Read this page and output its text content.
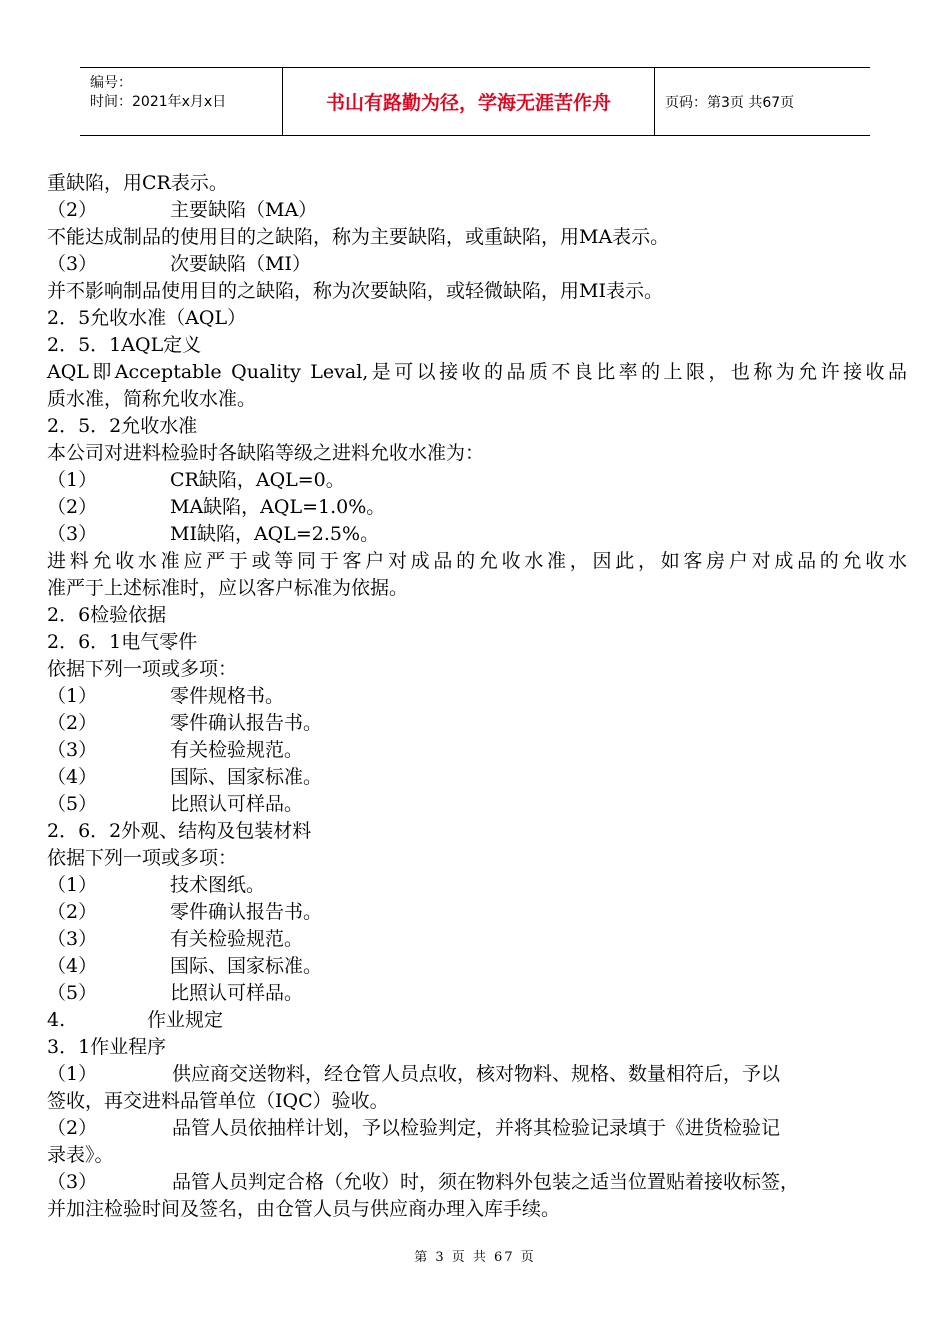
编号：
时间：2021年x月x日	书山有路勤为径，学海无涯苦作舟	页码：第3页 共67页
重缺陷，用CR表示。
（2）	主要缺陷（MA）
不能达成制品的使用目的之缺陷，称为主要缺陷，或重缺陷，用MA表示。
（3）	次要缺陷（MI）
并不影响制品使用目的之缺陷，称为次要缺陷，或轻微缺陷，用MI表示。
2．5允收水准（AQL）
2．5．1AQL定义
AQL即Acceptable Quality Leval,是可以接收的品质不良比率的上限，也称为允许接收品
质水准，简称允收水准。
2．5．2允收水准
本公司对进料检验时各缺陷等级之进料允收水准为：
（1）	CR缺陷，AQL=0。
（2）	MA缺陷，AQL=1.0%。
（3）	MI缺陷，AQL=2.5%。
进料允收水准应严于或等同于客户对成品的允收水准，因此，如客房户对成品的允收水
准严于上述标准时，应以客户标准为依据。
2．6检验依据
2．6．1电气零件
依据下列一项或多项：
（1）	零件规格书。
（2）	零件确认报告书。
（3）	有关检验规范。
（4）	国际、国家标准。
（5）	比照认可样品。
2．6．2外观、结构及包装材料
依据下列一项或多项：
（1）	技术图纸。
（2）	零件确认报告书。
（3）	有关检验规范。
（4）	国际、国家标准。
（5）	比照认可样品。
4.	作业规定
3．1作业程序
（1）	供应商交送物料，经仓管人员点收，核对物料、规格、数量相符后，予以
签收，再交进料品管单位（IQC）验收。
（2）	品管人员依抽样计划，予以检验判定，并将其检验记录填于《进货检验记
录表》。
（3）	品管人员判定合格（允收）时，须在物料外包装之适当位置贴着接收标签，
并加注检验时间及签名，由仓管人员与供应商办理入库手续。
第 3 页 共 67 页
